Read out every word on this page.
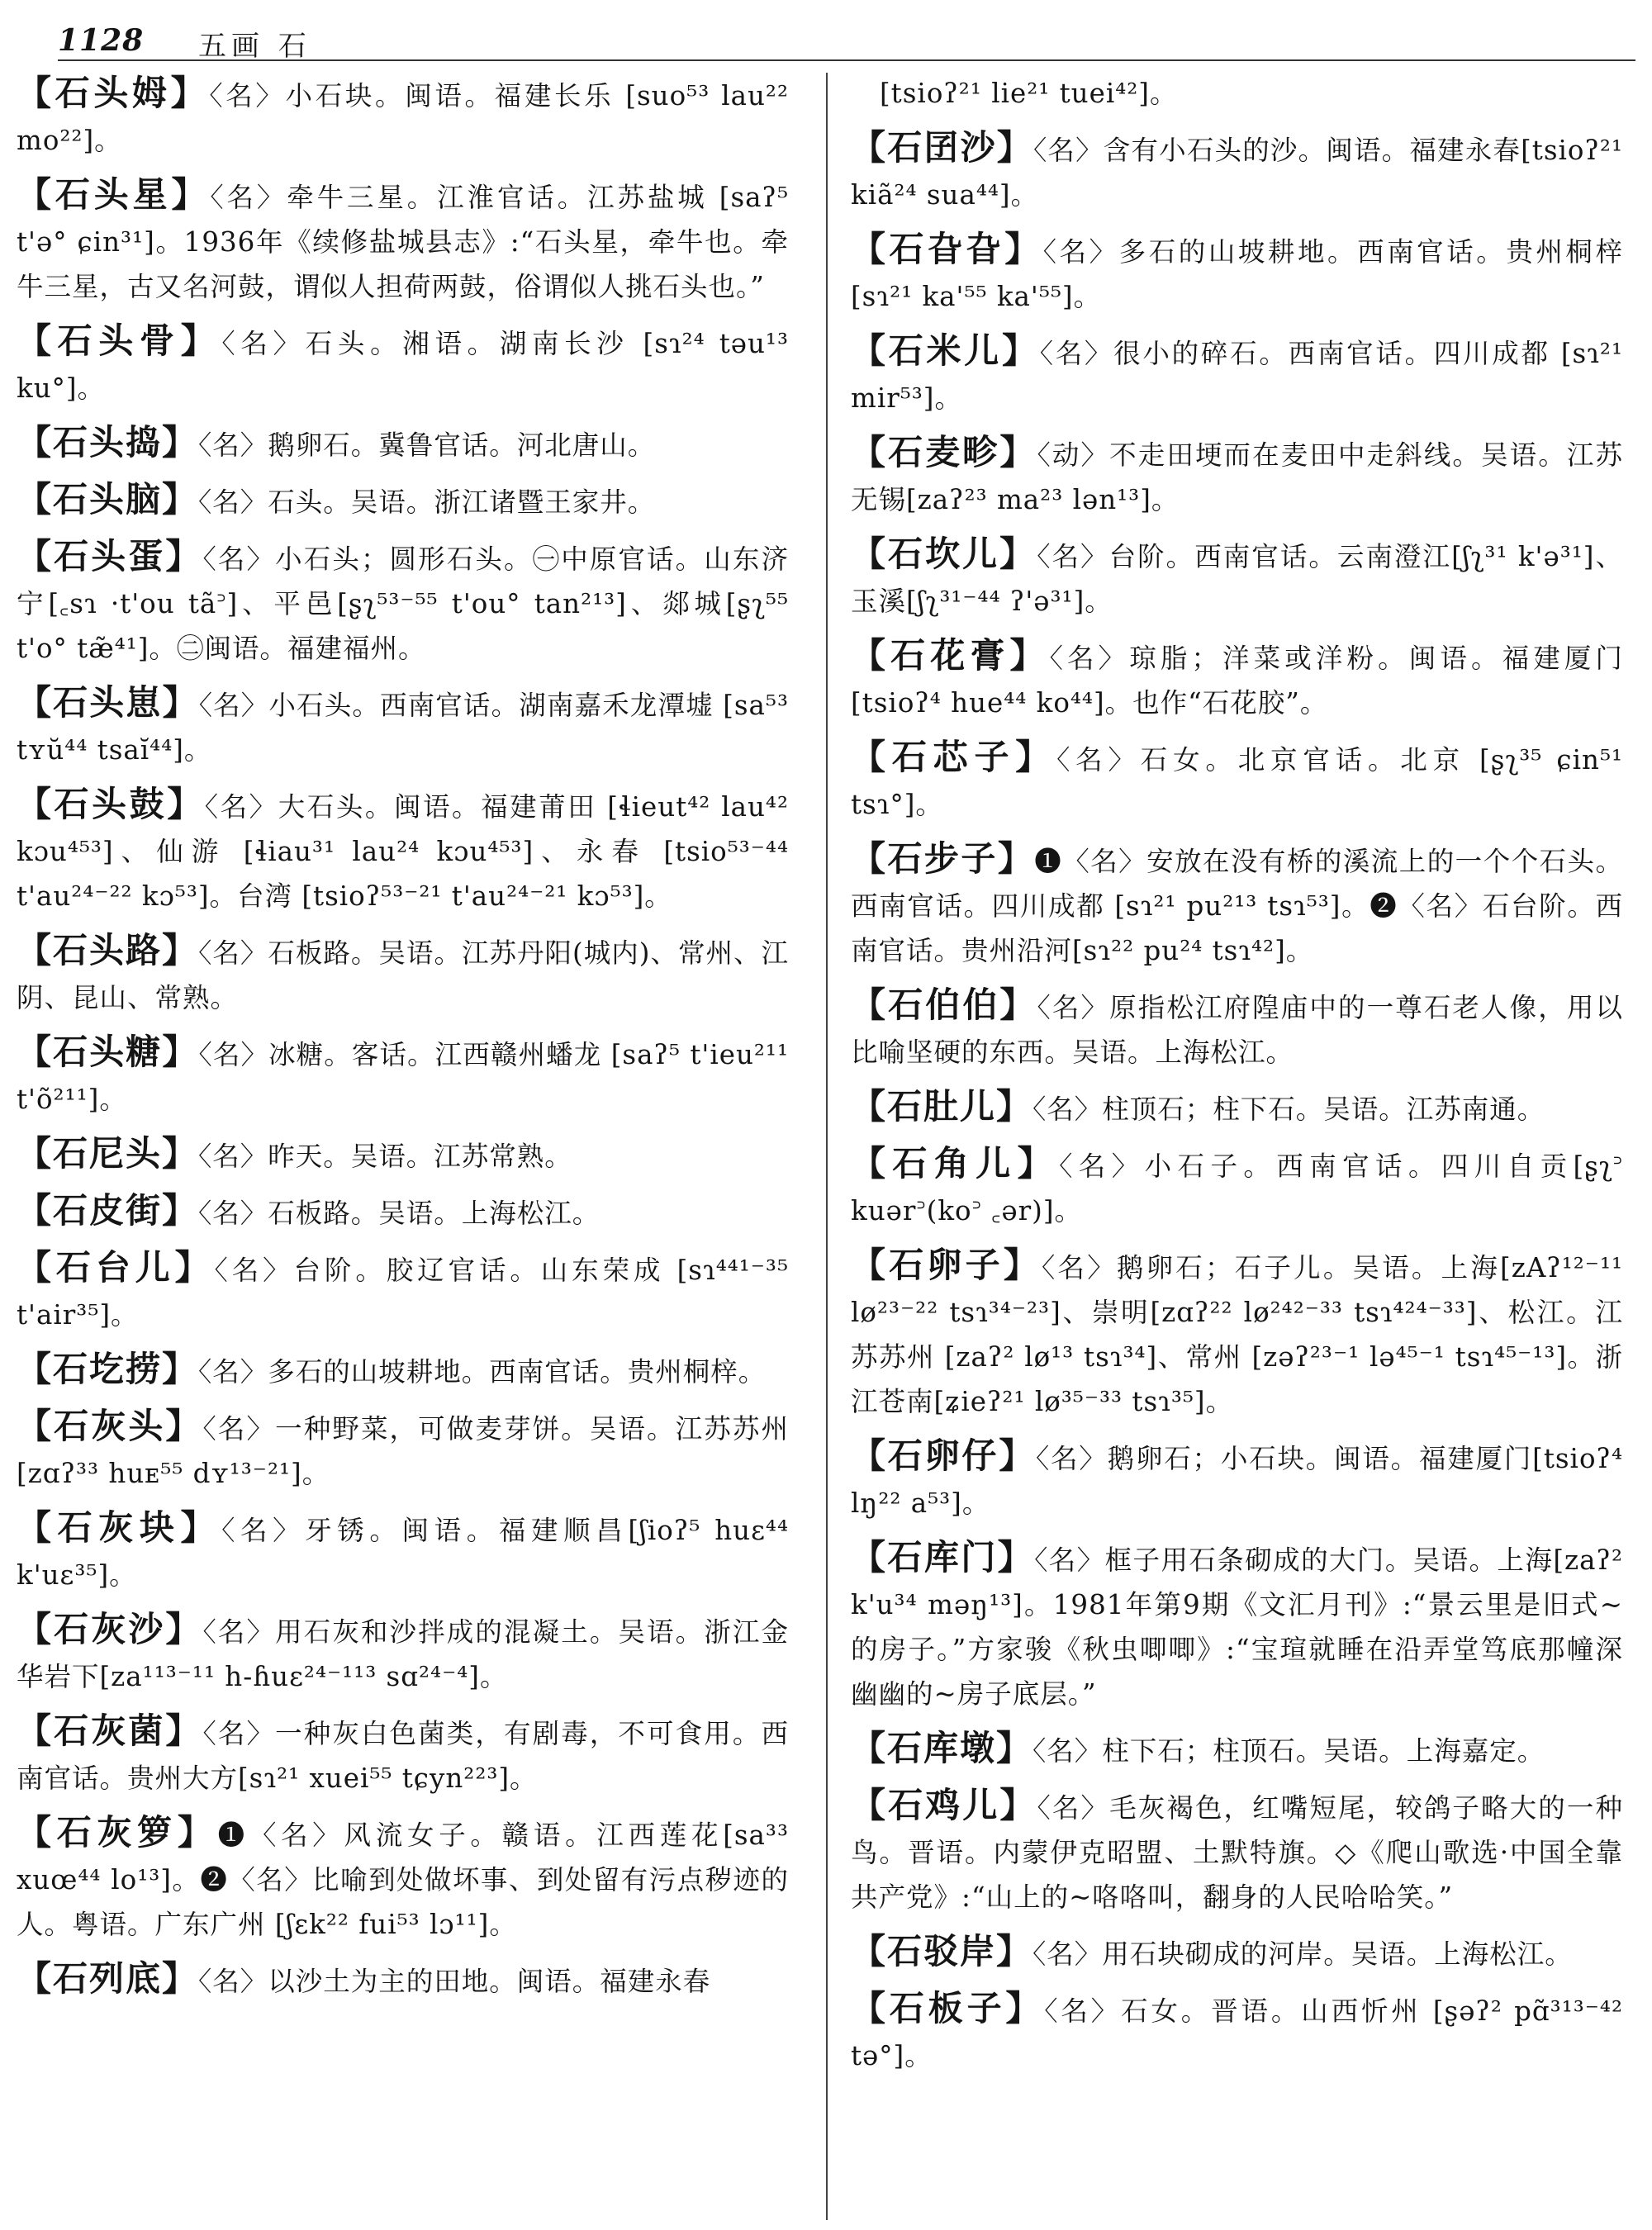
1128 五画 石
【石头姆】〈名〉小石块。闽语。福建长乐 [suo⁵³ lau²² mo²²]。
【石头星】〈名〉牵牛三星。江淮官话。江苏盐城 [saʔ⁵ t'ə° ɕin³¹]。1936年《续修盐城县志》:“石头星，牵牛也。牵牛三星，古又名河鼓，谓似人担荷两鼓，俗谓似人挑石头也。”
【石头骨】〈名〉石头。湘语。湖南长沙 [sɿ²⁴ təu¹³ ku°]。
【石头捣】〈名〉鹅卵石。冀鲁官话。河北唐山。
【石头脑】〈名〉石头。吴语。浙江诸暨王家井。
【石头蛋】〈名〉小石头；圆形石头。㊀中原官话。山东济宁[꜀sɿ ·t'ou tã꜄]、平邑[ʂʅ⁵³⁻⁵⁵ t'ou° tan²¹³]、郯城[ʂʅ⁵⁵ t'o° tæ̃⁴¹]。㊁闽语。福建福州。
【石头崽】〈名〉小石头。西南官话。湖南嘉禾龙潭墟 [sa⁵³ tʏŭ⁴⁴ tsaĭ⁴⁴]。
【石头鼓】〈名〉大石头。闽语。福建莆田 [ɬieut⁴² lau⁴² kɔu⁴⁵³]、仙游 [ɬiau³¹ lau²⁴ kɔu⁴⁵³]、永春 [tsio⁵³⁻⁴⁴ t'au²⁴⁻²² kɔ⁵³]。台湾 [tsioʔ⁵³⁻²¹ t'au²⁴⁻²¹ kɔ⁵³]。
【石头路】〈名〉石板路。吴语。江苏丹阳(城内)、常州、江阴、昆山、常熟。
【石头糖】〈名〉冰糖。客话。江西赣州蟠龙 [saʔ⁵ t'ieu²¹¹ t'õ²¹¹]。
【石尼头】〈名〉昨天。吴语。江苏常熟。
【石皮街】〈名〉石板路。吴语。上海松江。
【石台儿】〈名〉台阶。胶辽官话。山东荣成 [sɿ⁴⁴¹⁻³⁵ t'air³⁵]。
【石圪捞】〈名〉多石的山坡耕地。西南官话。贵州桐梓。
【石灰头】〈名〉一种野菜，可做麦芽饼。吴语。江苏苏州[zɑʔ³³ huᴇ⁵⁵ dʏ¹³⁻²¹]。
【石灰块】〈名〉牙锈。闽语。福建顺昌[ʃioʔ⁵ huɛ⁴⁴ k'uɛ³⁵]。
【石灰沙】〈名〉用石灰和沙拌成的混凝土。吴语。浙江金华岩下[za¹¹³⁻¹¹ h-ɦuɛ²⁴⁻¹¹³ sɑ²⁴⁻⁴]。
【石灰菌】〈名〉一种灰白色菌类，有剧毒，不可食用。西南官话。贵州大方[sɿ²¹ xuei⁵⁵ tɕyn²²³]。
【石灰箩】❶〈名〉风流女子。赣语。江西莲花[sa³³ xuœ⁴⁴ lo¹³]。❷〈名〉比喻到处做坏事、到处留有污点秽迹的人。粤语。广东广州 [ʃɛk²² fui⁵³ lɔ¹¹]。
【石列底】〈名〉以沙土为主的田地。闽语。福建永春
[tsioʔ²¹ lie²¹ tuei⁴²]。
【石囝沙】〈名〉含有小石头的沙。闽语。福建永春[tsioʔ²¹ kiã²⁴ sua⁴⁴]。
【石旮旮】〈名〉多石的山坡耕地。西南官话。贵州桐梓[sɿ²¹ ka'⁵⁵ ka'⁵⁵]。
【石米儿】〈名〉很小的碎石。西南官话。四川成都 [sɿ²¹ mir⁵³]。
【石麦畛】〈动〉不走田埂而在麦田中走斜线。吴语。江苏无锡[zaʔ²³ ma²³ lən¹³]。
【石坎儿】〈名〉台阶。西南官话。云南澄江[ʃʅ³¹ k'ə³¹]、玉溪[ʃʅ³¹⁻⁴⁴ ʔ'ə³¹]。
【石花膏】〈名〉琼脂；洋菜或洋粉。闽语。福建厦门[tsioʔ⁴ hue⁴⁴ ko⁴⁴]。也作“石花胶”。
【石芯子】〈名〉石女。北京官话。北京 [ʂʅ³⁵ ɕin⁵¹ tsɿ°]。
【石步子】❶〈名〉安放在没有桥的溪流上的一个个石头。西南官话。四川成都 [sɿ²¹ pu²¹³ tsɿ⁵³]。❷〈名〉石台阶。西南官话。贵州沿河[sɿ²² pu²⁴ tsɿ⁴²]。
【石伯伯】〈名〉原指松江府隍庙中的一尊石老人像，用以比喻坚硬的东西。吴语。上海松江。
【石肚儿】〈名〉柱顶石；柱下石。吴语。江苏南通。
【石角儿】〈名〉小石子。西南官话。四川自贡[ʂʅ꜄ kuər꜄(ko꜄ ꜀ər)]。
【石卵子】〈名〉鹅卵石；石子儿。吴语。上海[zAʔ¹²⁻¹¹ lø²³⁻²² tsɿ³⁴⁻²³]、崇明[zɑʔ²² lø²⁴²⁻³³ tsɿ⁴²⁴⁻³³]、松江。江苏苏州 [zaʔ² lø¹³ tsɿ³⁴]、常州 [zəʔ²³⁻¹ lə⁴⁵⁻¹ tsɿ⁴⁵⁻¹³]。浙江苍南[ʑieʔ²¹ lø³⁵⁻³³ tsɿ³⁵]。
【石卵仔】〈名〉鹅卵石；小石块。闽语。福建厦门[tsioʔ⁴ lŋ²² a⁵³]。
【石库门】〈名〉框子用石条砌成的大门。吴语。上海[zaʔ² k'u³⁴ məŋ¹³]。1981年第9期《文汇月刊》:“景云里是旧式~的房子。”方家骏《秋虫唧唧》:“宝瑄就睡在沿弄堂笃底那幢深幽幽的~房子底层。”
【石库墩】〈名〉柱下石；柱顶石。吴语。上海嘉定。
【石鸡儿】〈名〉毛灰褐色，红嘴短尾，较鸽子略大的一种鸟。晋语。内蒙伊克昭盟、土默特旗。◇《爬山歌选·中国全靠共产党》:“山上的~咯咯叫，翻身的人民哈哈笑。”
【石驳岸】〈名〉用石块砌成的河岸。吴语。上海松江。
【石板子】〈名〉石女。晋语。山西忻州 [ʂəʔ² pɑ̃³¹³⁻⁴² tə°]。
